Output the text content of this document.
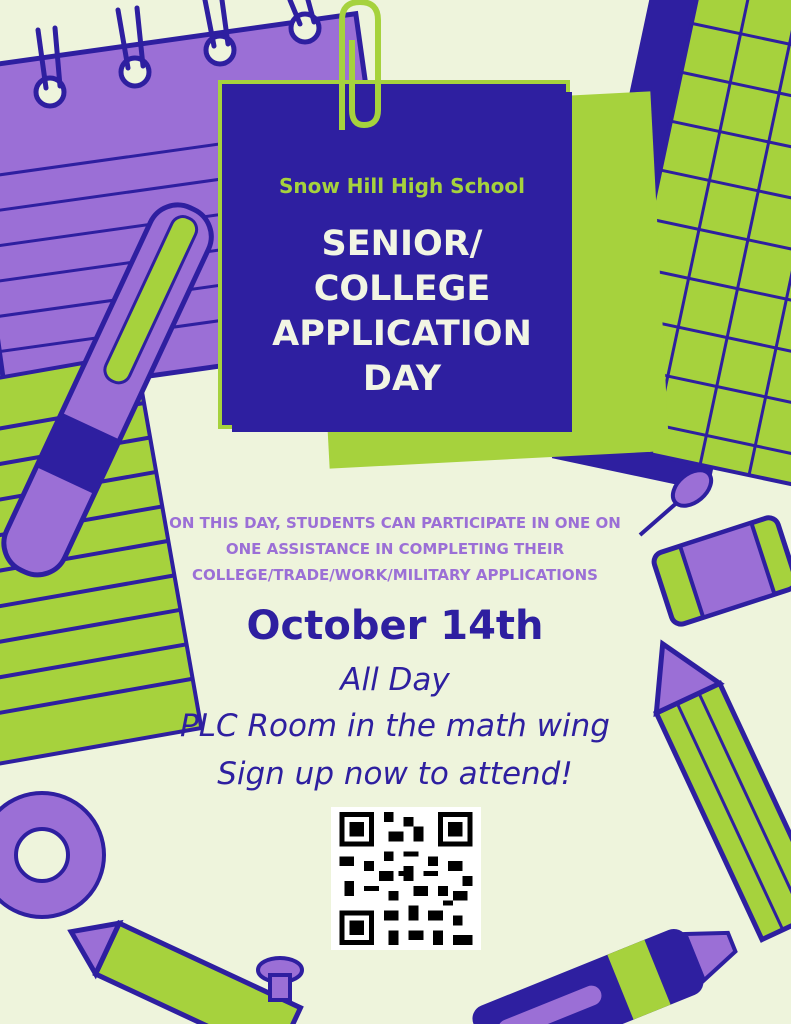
Snow Hill High School
SENIOR/
COLLEGE
APPLICATION
DAY
ON THIS DAY, STUDENTS CAN PARTICIPATE IN ONE ON ONE ASSISTANCE IN COMPLETING THEIR COLLEGE/TRADE/WORK/MILITARY APPLICATIONS
October 14th
All Day
PLC Room in the math wing
Sign up now to attend!
